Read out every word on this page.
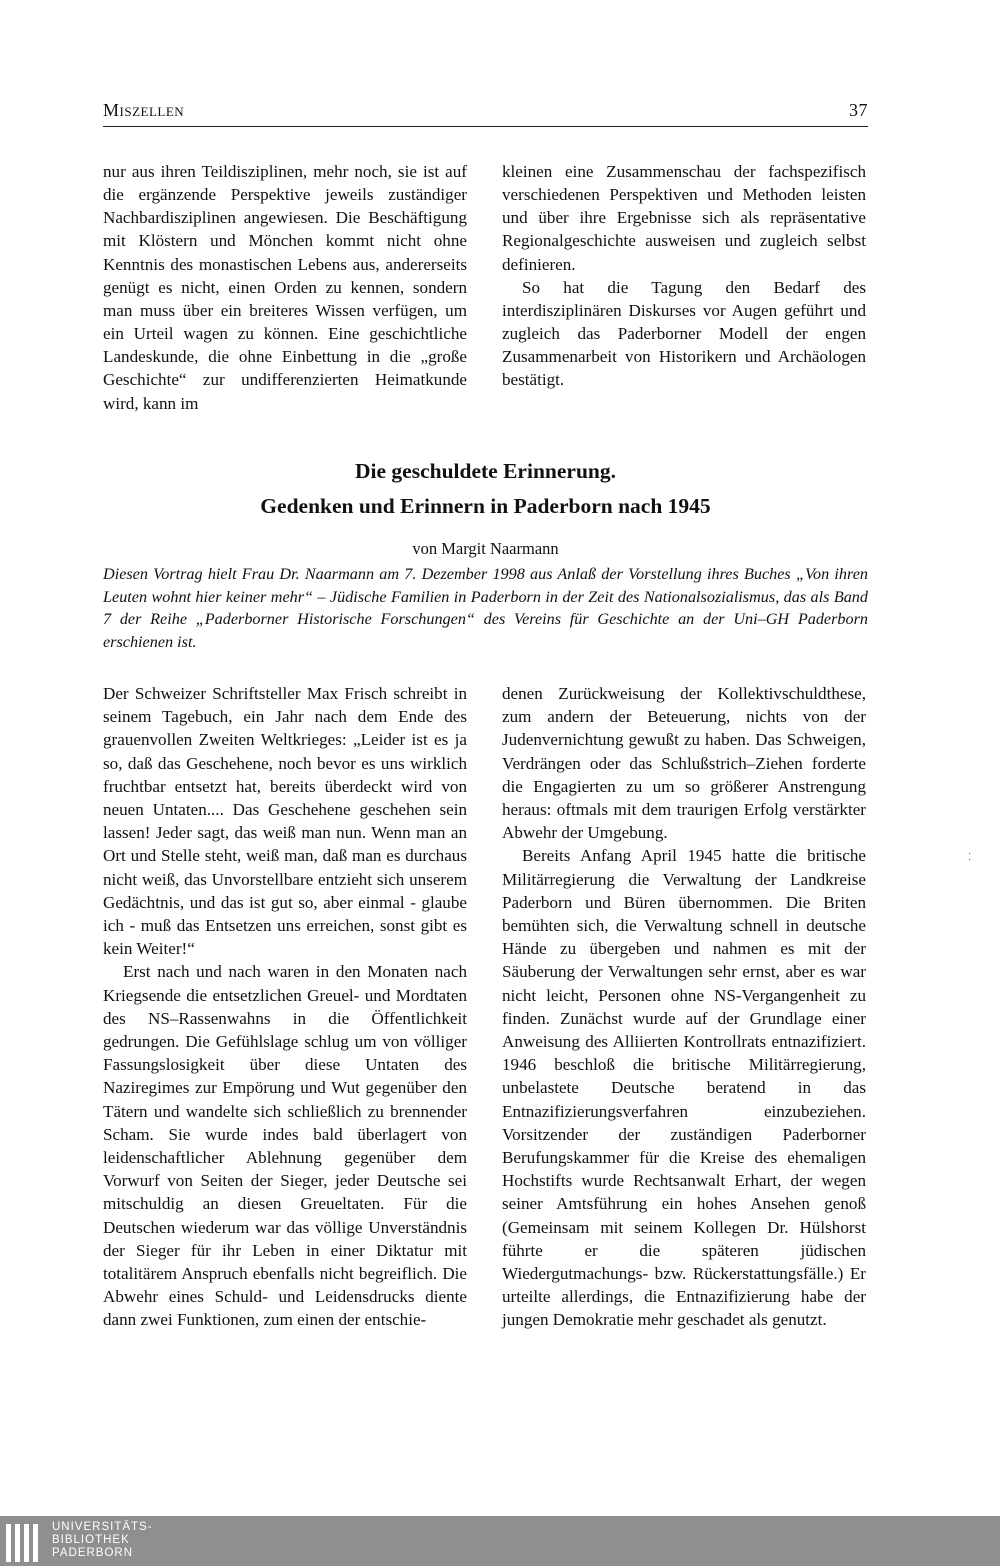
Miszellen	37

nur aus ihren Teildisziplinen, mehr noch, sie ist auf die ergänzende Perspektive jeweils zuständiger Nachbardisziplinen angewiesen. Die Beschäftigung mit Klöstern und Mönchen kommt nicht ohne Kenntnis des monastischen Lebens aus, andererseits genügt es nicht, einen Orden zu kennen, sondern man muss über ein breiteres Wissen verfügen, um ein Urteil wagen zu können. Eine geschichtliche Landeskunde, die ohne Einbettung in die „große Geschichte“ zur undifferenzierten Heimatkunde wird, kann im

kleinen eine Zusammenschau der fachspezifisch verschiedenen Perspektiven und Methoden leisten und über ihre Ergebnisse sich als repräsentative Regionalgeschichte ausweisen und zugleich selbst definieren.

So hat die Tagung den Bedarf des interdisziplinären Diskurses vor Augen geführt und zugleich das Paderborner Modell der engen Zusammenarbeit von Historikern und Archäologen bestätigt.

Die geschuldete Erinnerung.
Gedenken und Erinnern in Paderborn nach 1945
von Margit Naarmann
Diesen Vortrag hielt Frau Dr. Naarmann am 7. Dezember 1998 aus Anlaß der Vorstellung ihres Buches „Von ihren Leuten wohnt hier keiner mehr“ – Jüdische Familien in Paderborn in der Zeit des Nationalsozialismus, das als Band 7 der Reihe „Paderborner Historische Forschungen“ des Vereins für Geschichte an der Uni–GH Paderborn erschienen ist.

Der Schweizer Schriftsteller Max Frisch schreibt in seinem Tagebuch, ein Jahr nach dem Ende des grauenvollen Zweiten Weltkrieges: „Leider ist es ja so, daß das Geschehene, noch bevor es uns wirklich fruchtbar entsetzt hat, bereits überdeckt wird von neuen Untaten.... Das Geschehene geschehen sein lassen! Jeder sagt, das weiß man nun. Wenn man an Ort und Stelle steht, weiß man, daß man es durchaus nicht weiß, das Unvorstellbare entzieht sich unserem Gedächtnis, und das ist gut so, aber einmal - glaube ich - muß das Entsetzen uns erreichen, sonst gibt es kein Weiter!“

Erst nach und nach waren in den Monaten nach Kriegsende die entsetzlichen Greuel- und Mordtaten des NS–Rassenwahns in die Öffentlichkeit gedrungen. Die Gefühlslage schlug um von völliger Fassungslosigkeit über diese Untaten des Naziregimes zur Empörung und Wut gegenüber den Tätern und wandelte sich schließlich zu brennender Scham. Sie wurde indes bald überlagert von leidenschaftlicher Ablehnung gegenüber dem Vorwurf von Seiten der Sieger, jeder Deutsche sei mitschuldig an diesen Greueltaten. Für die Deutschen wiederum war das völlige Unverständnis der Sieger für ihr Leben in einer Diktatur mit totalitärem Anspruch ebenfalls nicht begreiflich. Die Abwehr eines Schuld- und Leidensdrucks diente dann zwei Funktionen, zum einen der entschie-

denen Zurückweisung der Kollektivschuldthese, zum andern der Beteuerung, nichts von der Judenvernichtung gewußt zu haben. Das Schweigen, Verdrängen oder das Schlußstrich–Ziehen forderte die Engagierten zu um so größerer Anstrengung heraus: oftmals mit dem traurigen Erfolg verstärkter Abwehr der Umgebung.

Bereits Anfang April 1945 hatte die britische Militärregierung die Verwaltung der Landkreise Paderborn und Büren übernommen. Die Briten bemühten sich, die Verwaltung schnell in deutsche Hände zu übergeben und nahmen es mit der Säuberung der Verwaltungen sehr ernst, aber es war nicht leicht, Personen ohne NS-Vergangenheit zu finden. Zunächst wurde auf der Grundlage einer Anweisung des Alliierten Kontrollrats entnazifiziert. 1946 beschloß die britische Militärregierung, unbelastete Deutsche beratend in das Entnazifizierungsverfahren einzubeziehen. Vorsitzender der zuständigen Paderborner Berufungskammer für die Kreise des ehemaligen Hochstifts wurde Rechtsanwalt Erhart, der wegen seiner Amtsführung ein hohes Ansehen genoß (Gemeinsam mit seinem Kollegen Dr. Hülshorst führte er die späteren jüdischen Wiedergutmachungs- bzw. Rückerstattungsfälle.) Er urteilte allerdings, die Entnazifizierung habe der jungen Demokratie mehr geschadet als genutzt.

⁚
UNIVERSITÄTS-
BIBLIOTHEK
PADERBORN
